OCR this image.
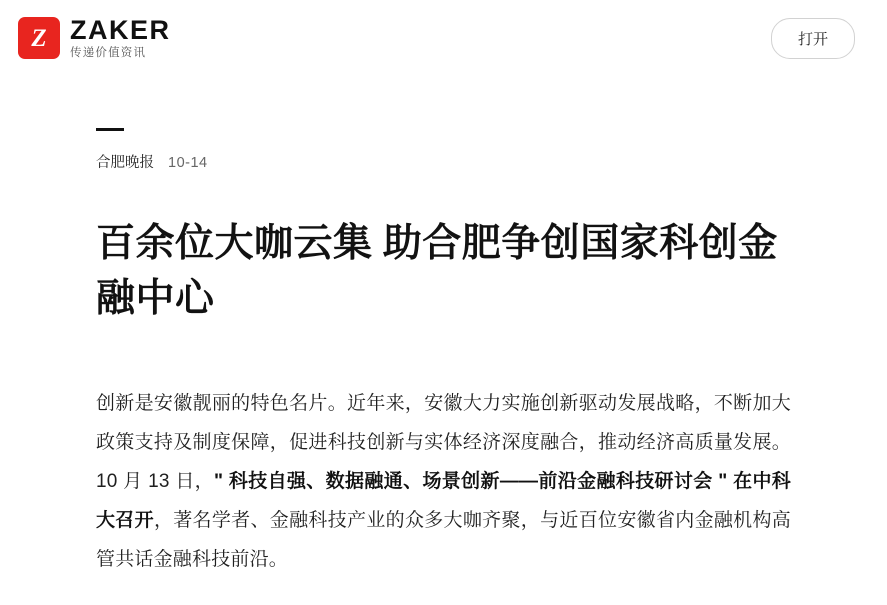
Z ZAKER
传递价值资讯
打开
合肥晚报 10-14
百余位大咖云集 助合肥争创国家科创金融中心

创新是安徽靓丽的特色名片。近年来，安徽大力实施创新驱动发展战略，不断加大政策支持及制度保障，促进科技创新与实体经济深度融合，推动经济高质量发展。10 月 13 日，" 科技自强、数据融通、场景创新——前沿金融科技研讨会 " 在中科大召开，著名学者、金融科技产业的众多大咖齐聚，与近百位安徽省内金融机构高管共话金融科技前沿。
